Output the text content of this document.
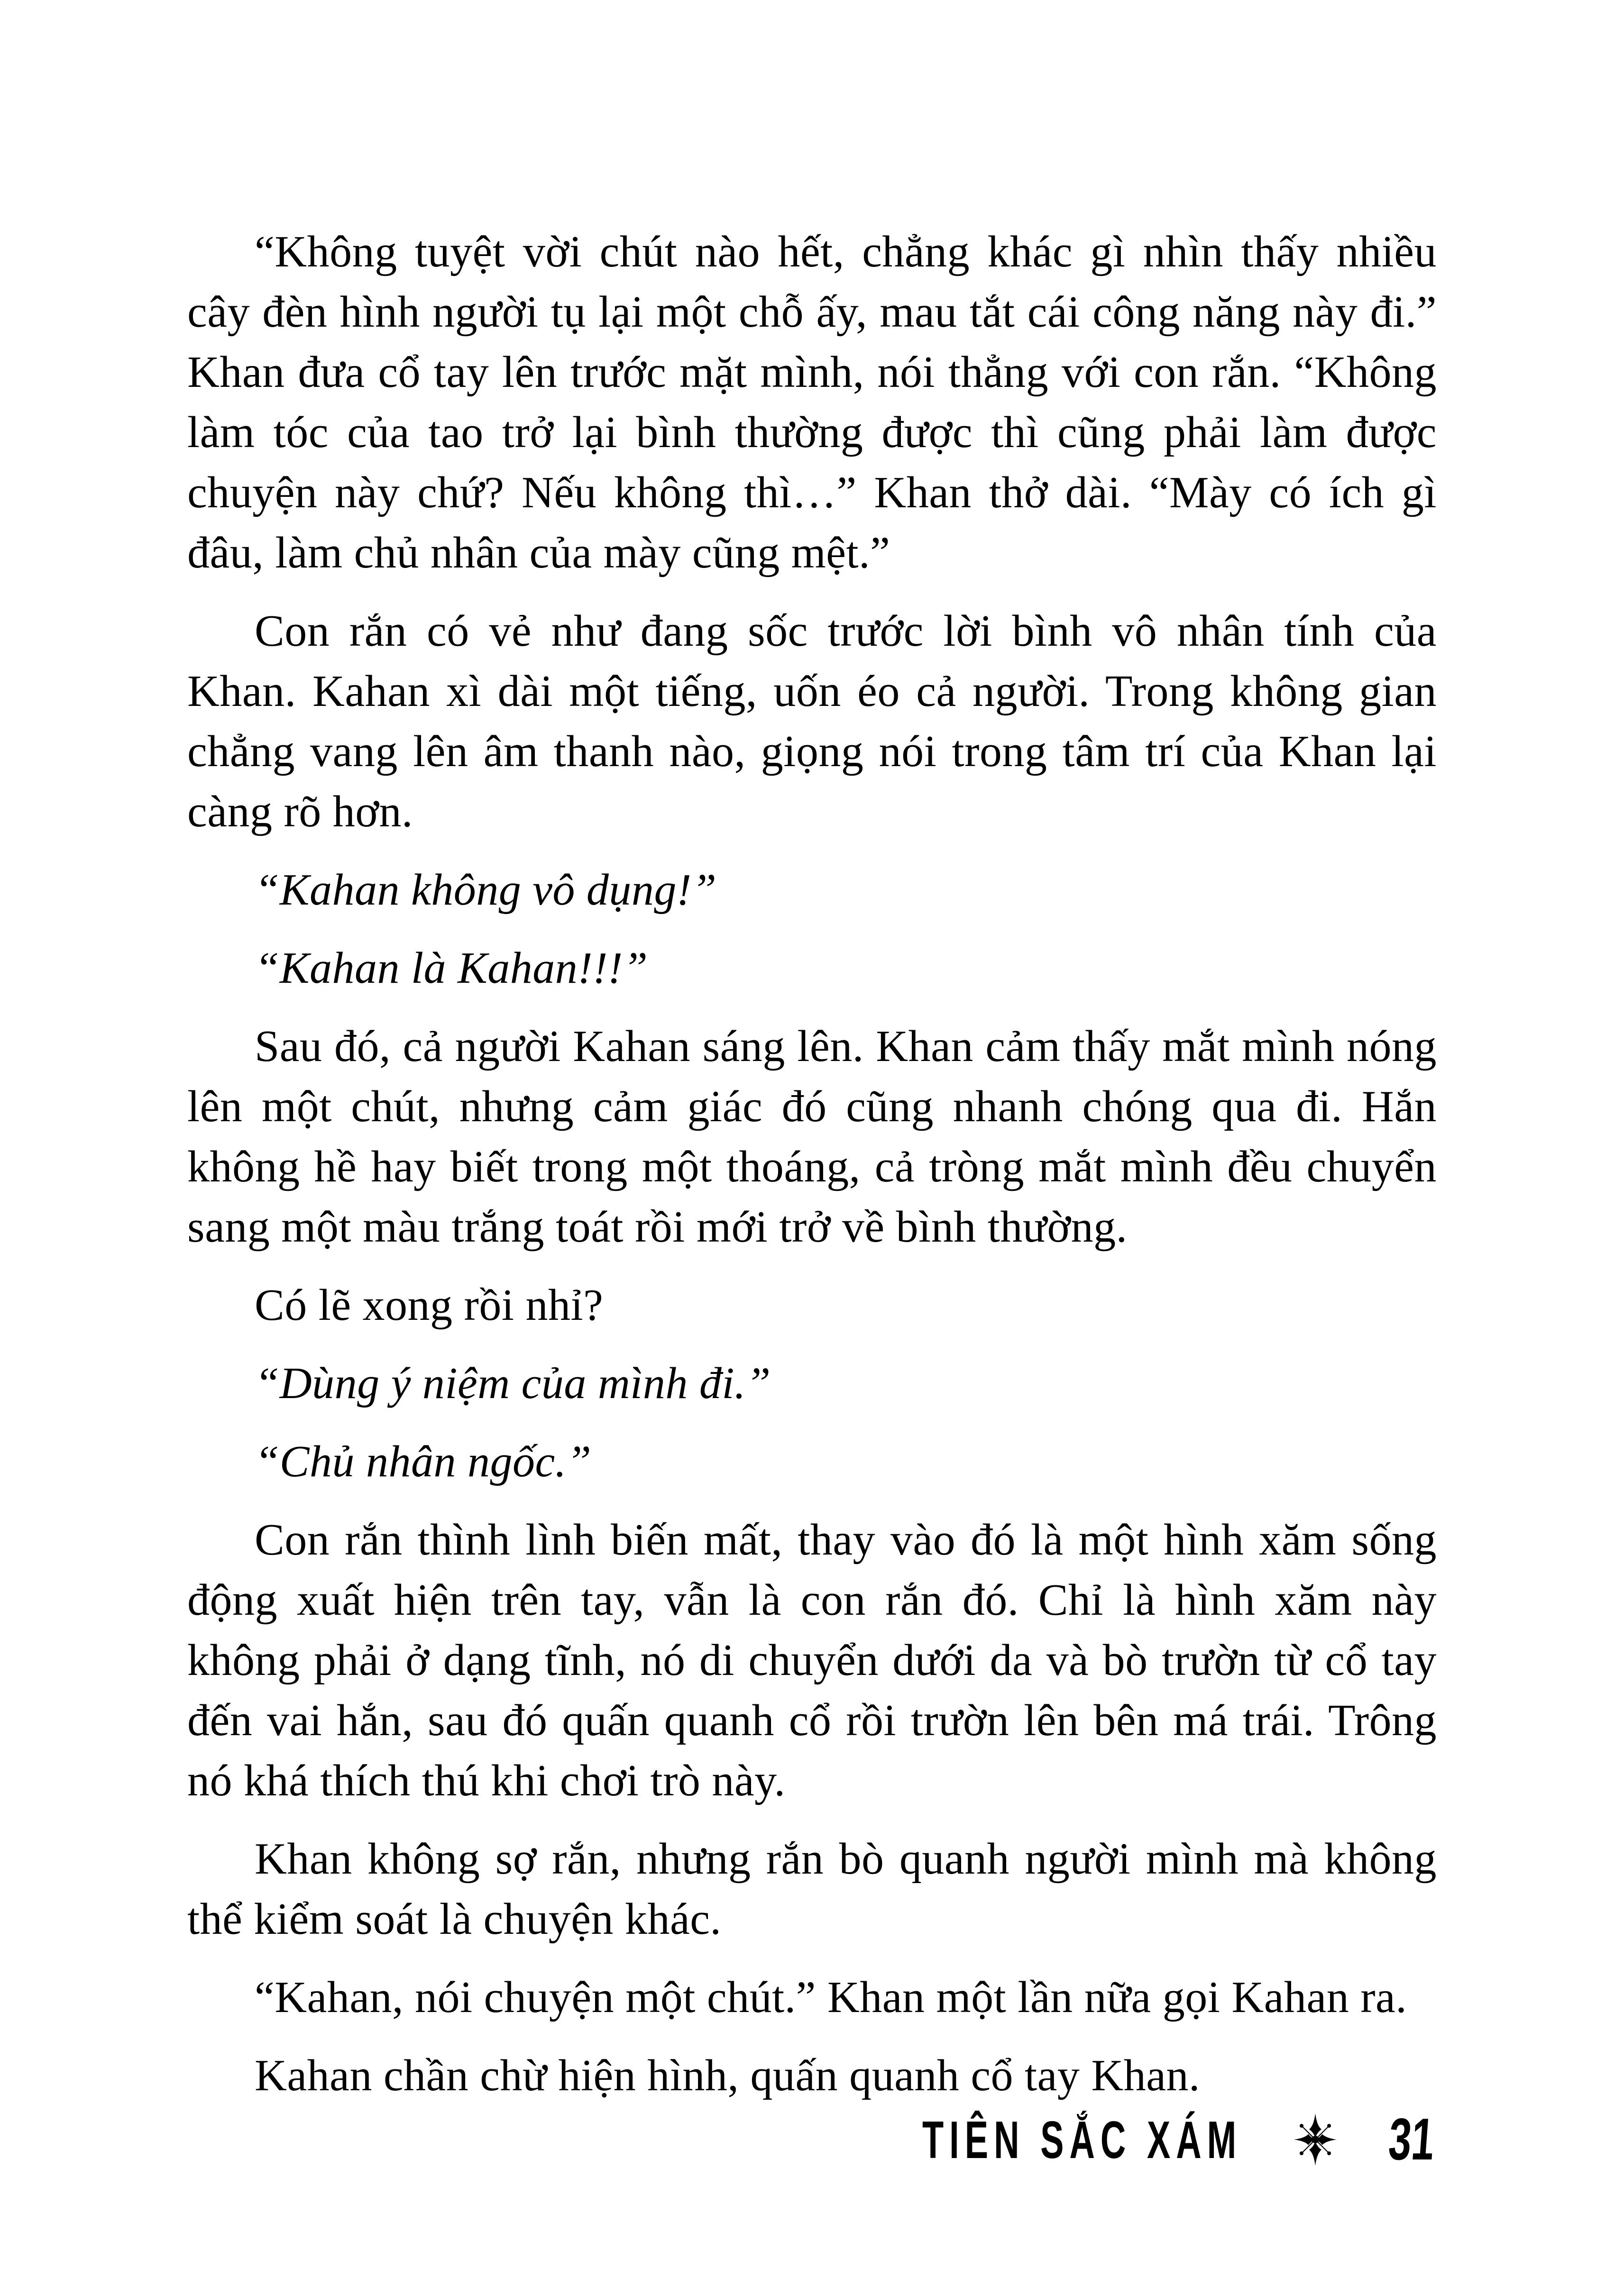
“Không tuyệt vời chút nào hết, chẳng khác gì nhìn thấy nhiều cây đèn hình người tụ lại một chỗ ấy, mau tắt cái công năng này đi.” Khan đưa cổ tay lên trước mặt mình, nói thẳng với con rắn. “Không làm tóc của tao trở lại bình thường được thì cũng phải làm được chuyện này chứ? Nếu không thì…” Khan thở dài. “Mày có ích gì đâu, làm chủ nhân của mày cũng mệt.”

Con rắn có vẻ như đang sốc trước lời bình vô nhân tính của Khan. Kahan xì dài một tiếng, uốn éo cả người. Trong không gian chẳng vang lên âm thanh nào, giọng nói trong tâm trí của Khan lại càng rõ hơn.

“Kahan không vô dụng!”

“Kahan là Kahan!!!”

Sau đó, cả người Kahan sáng lên. Khan cảm thấy mắt mình nóng lên một chút, nhưng cảm giác đó cũng nhanh chóng qua đi. Hắn không hề hay biết trong một thoáng, cả tròng mắt mình đều chuyển sang một màu trắng toát rồi mới trở về bình thường.

Có lẽ xong rồi nhỉ?

“Dùng ý niệm của mình đi.”

“Chủ nhân ngốc.”

Con rắn thình lình biến mất, thay vào đó là một hình xăm sống động xuất hiện trên tay, vẫn là con rắn đó. Chỉ là hình xăm này không phải ở dạng tĩnh, nó di chuyển dưới da và bò trườn từ cổ tay đến vai hắn, sau đó quấn quanh cổ rồi trườn lên bên má trái. Trông nó khá thích thú khi chơi trò này.

Khan không sợ rắn, nhưng rắn bò quanh người mình mà không thể kiểm soát là chuyện khác.

“Kahan, nói chuyện một chút.” Khan một lần nữa gọi Kahan ra.

Kahan chần chừ hiện hình, quấn quanh cổ tay Khan.

TIÊN SẮC XÁM	31
